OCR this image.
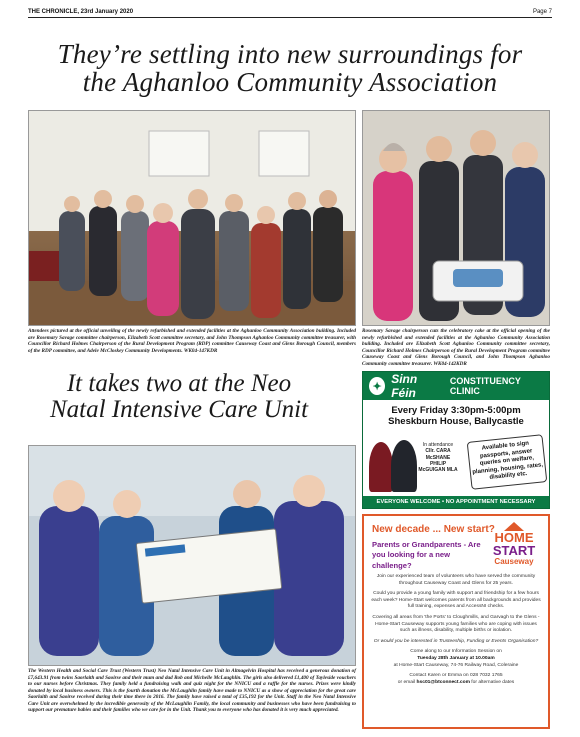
THE CHRONICLE, 23rd January 2020	Page 7
They’re settling into new surroundings for
the Aghanloo Community Association
Attendees pictured at the official unveiling of the newly refurbished and extended facilities at the Aghanloo Community Association building. Included are Rosemary Savage committee chairperson, Elizabeth Scott committee secretary, and John Thompson Aghanloo Community committee treasurer, with Councillor Richard Holmes Chairperson of the Rural Development Program (RDP) committee Causeway Coast and Glens Borough Council, members of the RDP committee, and Adele McCloskey Community Developments. WK04-147KDR
Rosemary Savage chairperson cuts the celebratory cake at the official opening of the newly refurbished and extended facilities at the Aghanloo Community Association building. Included are Elizabeth Scott Aghanloo Community committee secretary, Councillor Richard Holmes Chairperson of the Rural Development Program committee Causeway Coast and Glens Borough Council, and John Thompson Aghanloo Community committee treasurer. WK04-142KDR
It takes two at the Neo
Natal Intensive Care Unit
The Western Health and Social Care Trust (Western Trust) Neo Natal Intensive Care Unit in Altnagelvin Hospital has received a generous donation of £7,643.91 from twins Saorlaith and Saoirse and their mum and dad Rob and Michelle McLaughlin. The girls also delivered £1,400 of Tayleside vouchers to our nurses before Christmas. They family held a fundraising walk and quiz night for the NNICU and a raffle for the nurses. Prizes were kindly donated by local business owners. This is the fourth donation the McLaughlin family have made to NNICU as a show of appreciation for the great care Saorlaith and Saoirse received during their time there in 2016. The family have raised a total of £35,192 for the Unit. Staff in the Neo Natal Intensive Care Unit are overwhelmed by the incredible generosity of the McLaughlin Family, the local community and businesses who have been fundraising to support our premature babies and their families who we care for in the Unit. Thank you to everyone who has donated it is very much appreciated.
✦
Sinn Féin
CONSTITUENCY CLINIC
Every Friday 3:30pm-5:00pm
Sheskburn House, Ballycastle
In attendance
Cllr. CARA McSHANE
PHILIP McGUIGAN MLA
Available to sign passports, answer queries on welfare, planning, housing, rates, disability etc.
EVERYONE WELCOME • NO APPOINTMENT NECESSARY
New decade ... New start?
Parents or Grandparents - Are you looking for a new challenge?
HOME
START
Causeway

Join our experienced team of volunteers who have served the community throughout Causeway Coast and Glens for 25 years.

Could you provide a young family with support and friendship for a few hours each week? Home-Start welcomes parents from all backgrounds and provides full training, expenses and AccessNI checks.

Covering all areas from 'the Ports' to Cloughmills, and Garvagh to the Glens - Home-Start Causeway supports young families who are coping with issues such as illness, disability, multiple births or isolation.

Or would you be interested in Trusteeship, Funding or Events Organisation?

Come along to our Information Session on
Tuesday 28th January at 10.00am
at Home-Start Causeway, 74-76 Railway Road, Coleraine

Contact Karen or Emma on 028 7032 1765
or email hsc01@btconnect.com for alternative dates
